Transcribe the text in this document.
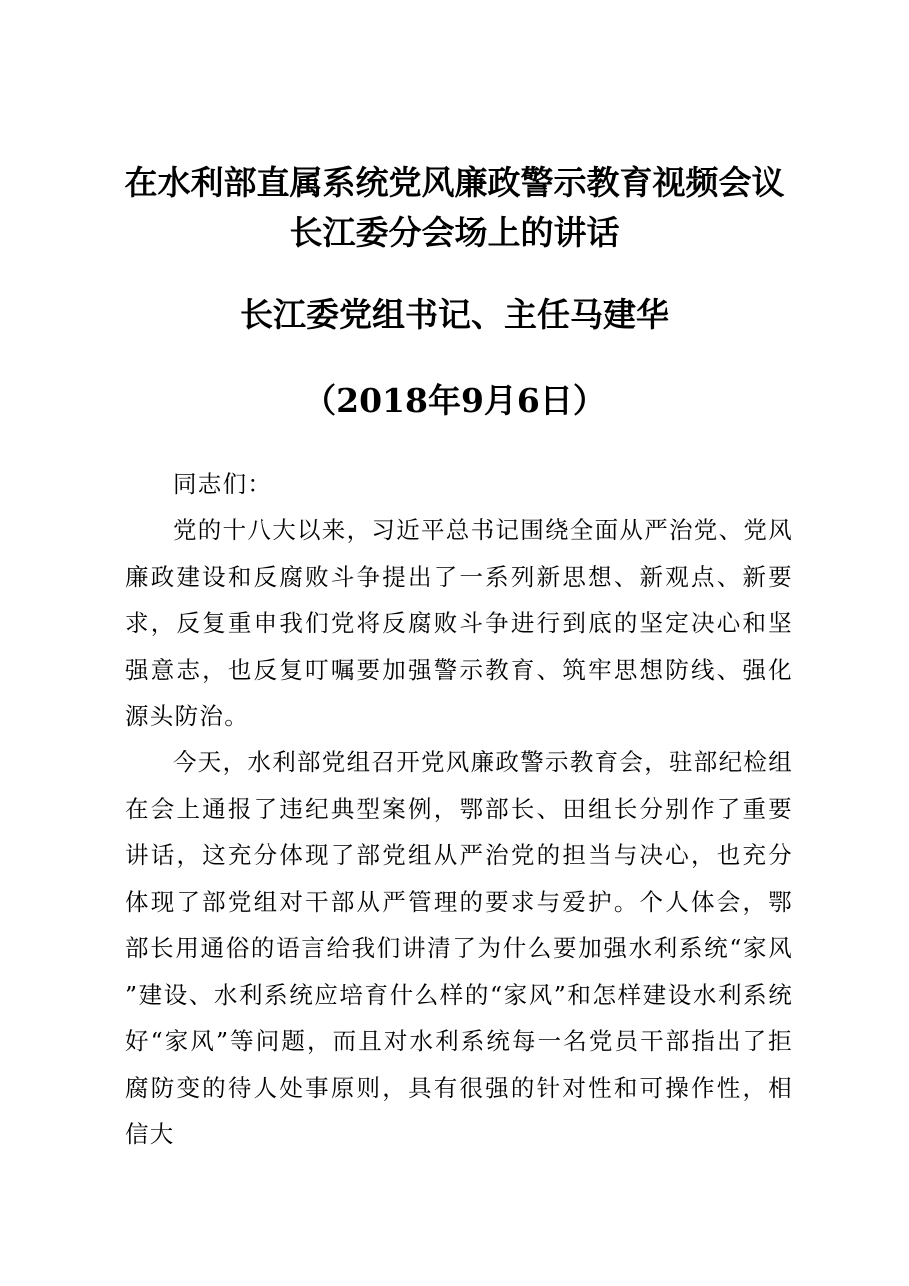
在水利部直属系统党风廉政警示教育视频会议
长江委分会场上的讲话
长江委党组书记、主任马建华
（2018年9月6日）

同志们：

党的十八大以来，习近平总书记围绕全面从严治党、党风廉政建设和反腐败斗争提出了一系列新思想、新观点、新要求，反复重申我们党将反腐败斗争进行到底的坚定决心和坚强意志，也反复叮嘱要加强警示教育、筑牢思想防线、强化源头防治。

今天，水利部党组召开党风廉政警示教育会，驻部纪检组在会上通报了违纪典型案例，鄂部长、田组长分别作了重要讲话，这充分体现了部党组从严治党的担当与决心，也充分体现了部党组对干部从严管理的要求与爱护。个人体会，鄂部长用通俗的语言给我们讲清了为什么要加强水利系统“家风”建设、水利系统应培育什么样的“家风”和怎样建设水利系统好“家风”等问题，而且对水利系统每一名党员干部指出了拒腐防变的待人处事原则，具有很强的针对性和可操作性，相信大
